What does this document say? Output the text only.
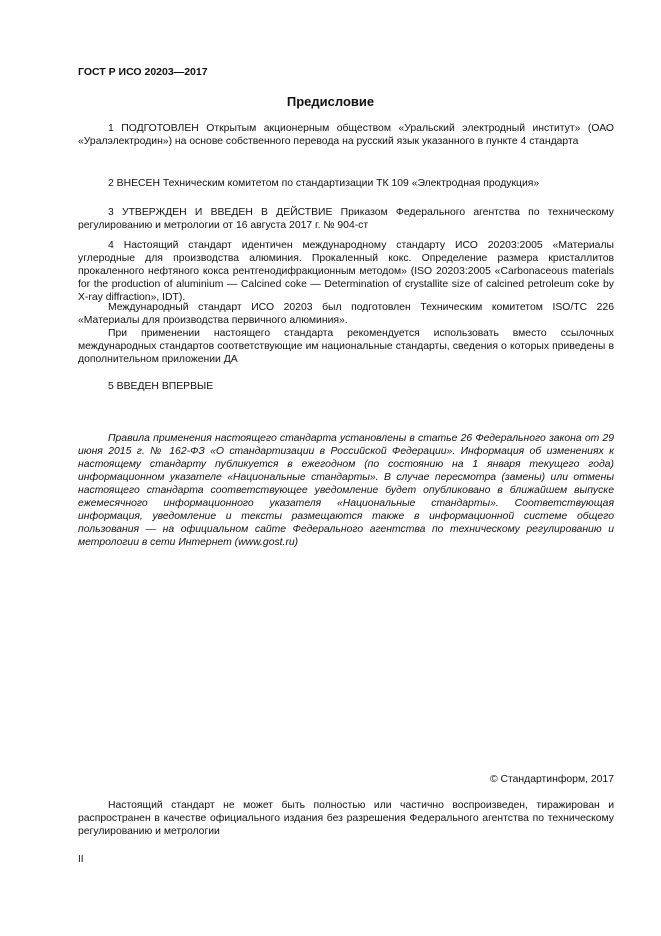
ГОСТ Р ИСО 20203—2017
Предисловие

1 ПОДГОТОВЛЕН Открытым акционерным обществом «Уральский электродный институт» (ОАО «Уралэлектродин») на основе собственного перевода на русский язык указанного в пункте 4 стандарта

2 ВНЕСЕН Техническим комитетом по стандартизации ТК 109 «Электродная продукция»

3 УТВЕРЖДЕН И ВВЕДЕН В ДЕЙСТВИЕ Приказом Федерального агентства по техническому регулированию и метрологии от 16 августа 2017 г. № 904-ст

4 Настоящий стандарт идентичен международному стандарту ИСО 20203:2005 «Материалы углеродные для производства алюминия. Прокаленный кокс. Определение размера кристаллитов прокаленного нефтяного кокса рентгенодифракционным методом» (ISO 20203:2005 «Carbonaceous materials for the production of aluminium — Calcined coke — Determination of crystallite size of calcined petroleum coke by X-ray diffraction», IDT).

Международный стандарт ИСО 20203 был подготовлен Техническим комитетом ISO/TC 226 «Материалы для производства первичного алюминия».

При применении настоящего стандарта рекомендуется использовать вместо ссылочных международных стандартов соответствующие им национальные стандарты, сведения о которых приведены в дополнительном приложении ДА

5 ВВЕДЕН ВПЕРВЫЕ

Правила применения настоящего стандарта установлены в статье 26 Федерального закона от 29 июня 2015 г. № 162-ФЗ «О стандартизации в Российской Федерации». Информация об изменениях к настоящему стандарту публикуется в ежегодном (по состоянию на 1 января текущего года) информационном указателе «Национальные стандарты». В случае пересмотра (замены) или отмены настоящего стандарта соответствующее уведомление будет опубликовано в ближайшем выпуске ежемесячного информационного указателя «Национальные стандарты». Соответствующая информация, уведомление и тексты размещаются также в информационной системе общего пользования — на официальном сайте Федерального агентства по техническому регулированию и метрологии в сети Интернет (www.gost.ru)

© Стандартинформ, 2017

Настоящий стандарт не может быть полностью или частично воспроизведен, тиражирован и распространен в качестве официального издания без разрешения Федерального агентства по техническому регулированию и метрологии

II
